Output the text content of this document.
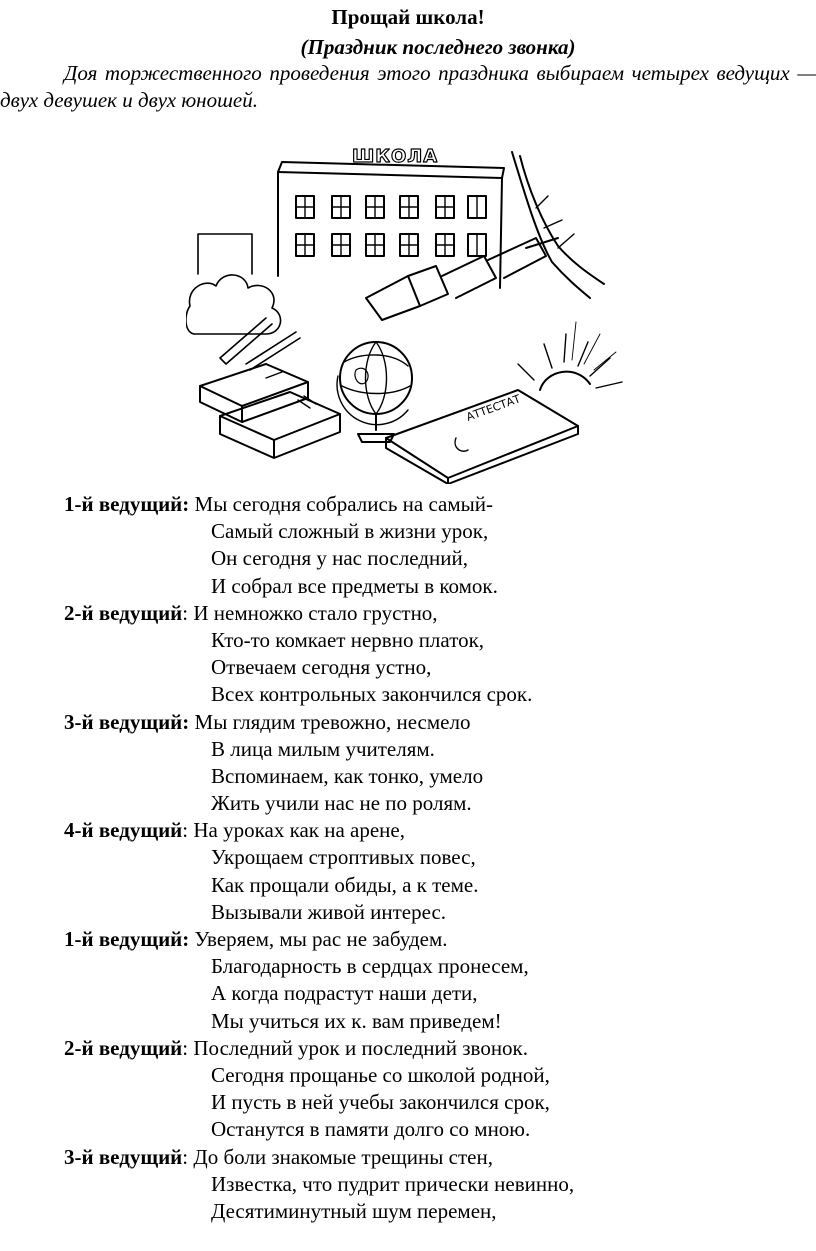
Прощай школа!
(Праздник последнего звонка)

Доя торжественного проведения этого праздника выбираем четырех ведущих — двух девушек и двух юношей.

ШКОЛА
АТТЕСТАТ
1-й ведущий: Мы сегодня собрались на самый-
Самый сложный в жизни урок,
Он сегодня у нас последний,
И собрал все предметы в комок.
2-й ведущий: И немножко стало грустно,
Кто-то комкает нервно платок,
Отвечаем сегодня устно,
Всех контрольных закончился срок.
3-й ведущий: Мы глядим тревожно, несмело
В лица милым учителям.
Вспоминаем, как тонко, умело
Жить учили нас не по ролям.
4-й ведущий: На уроках как на арене,
Укрощаем строптивых повес,
Как прощали обиды, а к теме.
Вызывали живой интерес.
1-й ведущий: Уверяем, мы рас не забудем.
Благодарность в сердцах пронесем,
А когда подрастут наши дети,
Мы учиться их к. вам приведем!
2-й ведущий: Последний урок и последний звонок.
Сегодня прощанье со школой родной,
И пусть в ней учебы закончился срок,
Останутся в памяти долго со мною.
3-й ведущий: До боли знакомые трещины стен,
Известка, что пудрит прически невинно,
Десятиминутный шум перемен,
